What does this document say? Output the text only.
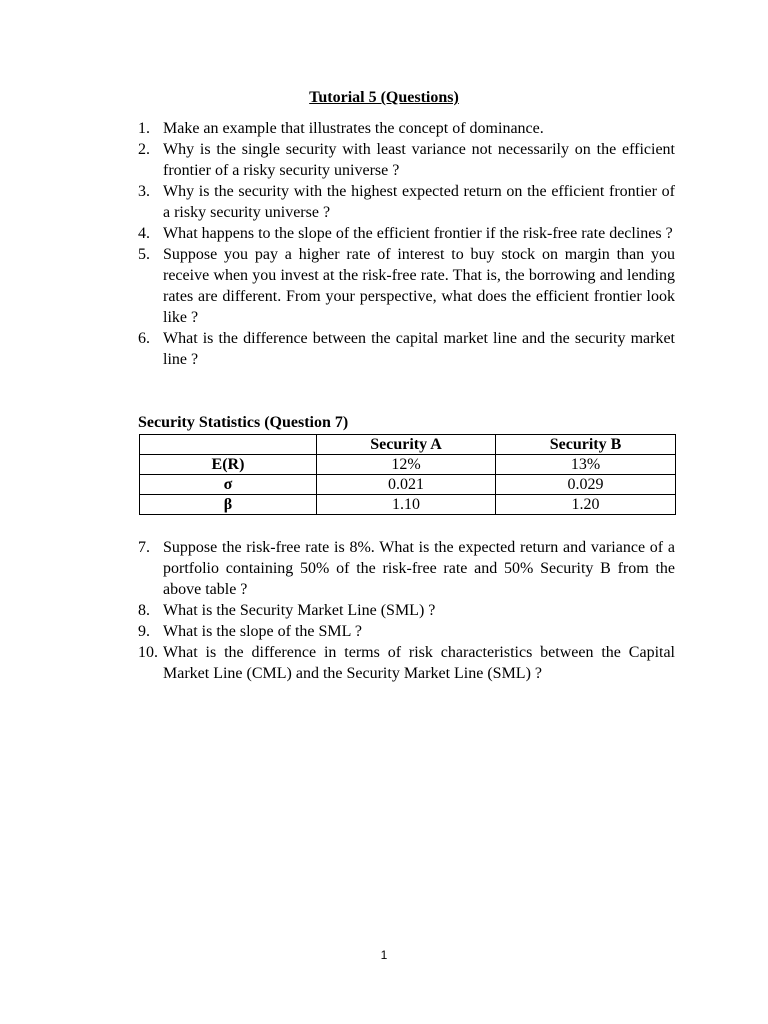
Tutorial 5 (Questions)
1. Make an example that illustrates the concept of dominance.
2. Why is the single security with least variance not necessarily on the efficient frontier of a risky security universe ?
3. Why is the security with the highest expected return on the efficient frontier of a risky security universe ?
4. What happens to the slope of the efficient frontier if the risk-free rate declines ?
5. Suppose you pay a higher rate of interest to buy stock on margin than you receive when you invest at the risk-free rate. That is, the borrowing and lending rates are different. From your perspective, what does the efficient frontier look like ?
6. What is the difference between the capital market line and the security market line ?
Security Statistics (Question 7)
	Security A	Security B
E(R)	12%	13%
σ	0.021	0.029
β	1.10	1.20
7. Suppose the risk-free rate is 8%. What is the expected return and variance of a portfolio containing 50% of the risk-free rate and 50% Security B from the above table ?
8. What is the Security Market Line (SML) ?
9. What is the slope of the SML ?
10. What is the difference in terms of risk characteristics between the Capital Market Line (CML) and the Security Market Line (SML) ?
1
